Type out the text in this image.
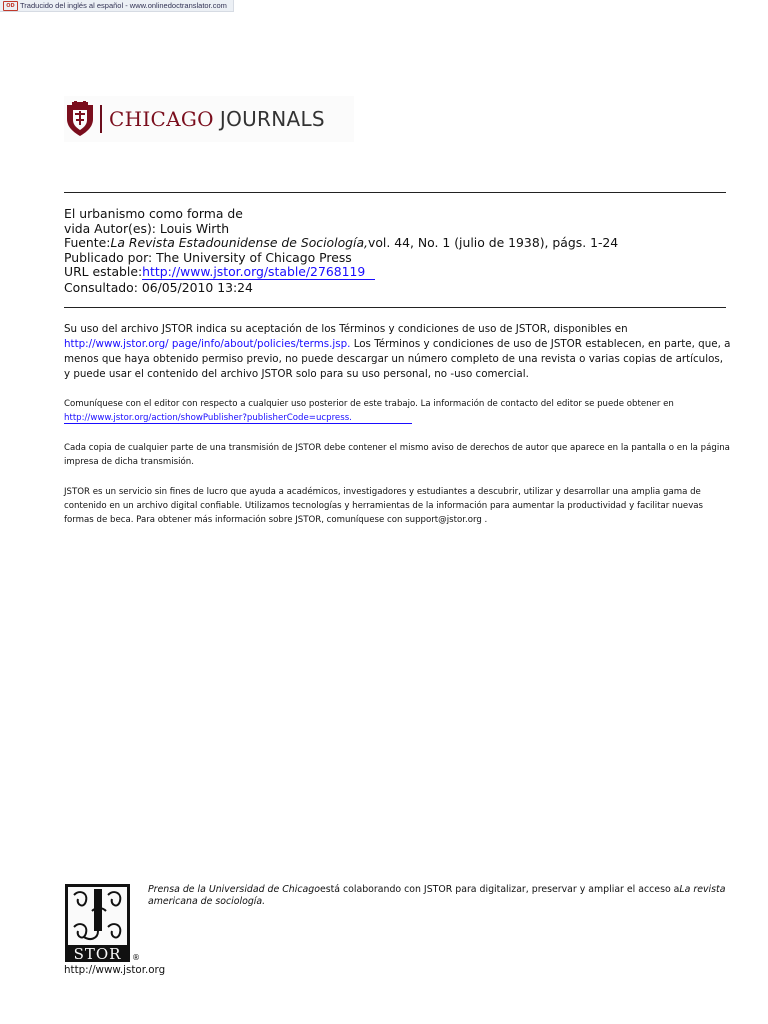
OD Traducido del inglés al español - www.onlinedoctranslator.com
CHICAGO JOURNALS
El urbanismo como forma de
vida Autor(es): Louis Wirth
Fuente:La Revista Estadounidense de Sociología,vol. 44, No. 1 (julio de 1938), págs. 1-24
Publicado por: The University of Chicago Press
URL estable:http://www.jstor.org/stable/2768119
Consultado: 06/05/2010 13:24
Su uso del archivo JSTOR indica su aceptación de los Términos y condiciones de uso de JSTOR, disponibles en http://www.jstor.org/ page/info/about/policies/terms.jsp. Los Términos y condiciones de uso de JSTOR establecen, en parte, que, a menos que haya obtenido permiso previo, no puede descargar un número completo de una revista o varias copias de artículos, y puede usar el contenido del archivo JSTOR solo para su uso personal, no -uso comercial.
Comuníquese con el editor con respecto a cualquier uso posterior de este trabajo. La información de contacto del editor se puede obtener en
http://www.jstor.org/action/showPublisher?publisherCode=ucpress.
Cada copia de cualquier parte de una transmisión de JSTOR debe contener el mismo aviso de derechos de autor que aparece en la pantalla o en la página impresa de dicha transmisión.
JSTOR es un servicio sin fines de lucro que ayuda a académicos, investigadores y estudiantes a descubrir, utilizar y desarrollar una amplia gama de contenido en un archivo digital confiable. Utilizamos tecnologías y herramientas de la información para aumentar la productividad y facilitar nuevas formas de beca. Para obtener más información sobre JSTOR, comuníquese con support@jstor.org .
STOR ®
http://www.jstor.org
Prensa de la Universidad de Chicagoestá colaborando con JSTOR para digitalizar, preservar y ampliar el acceso aLa revista americana de sociología.
